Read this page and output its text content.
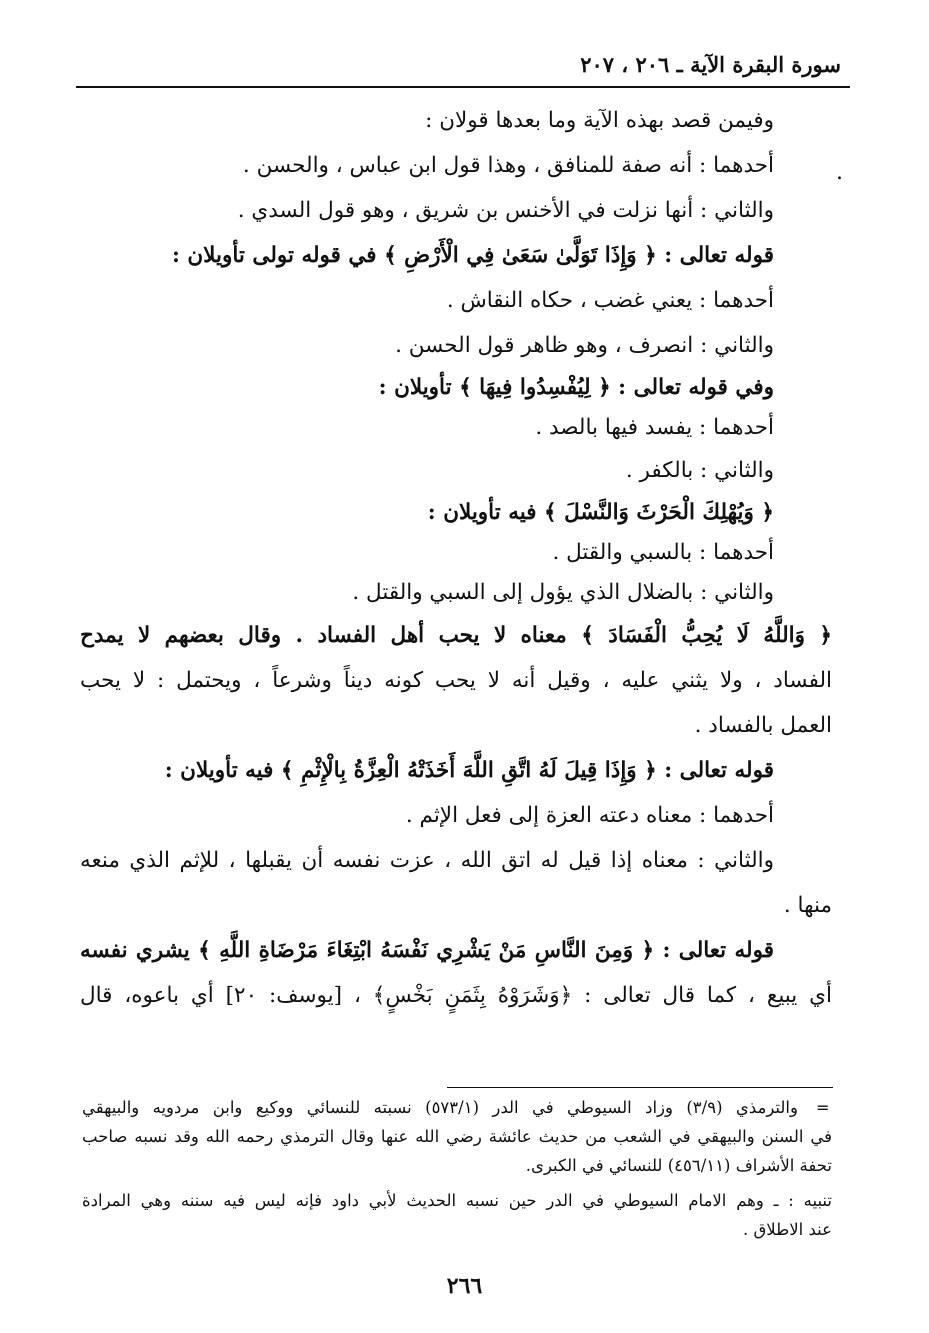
سورة البقرة الآية ـ ٢٠٦ ، ٢٠٧
.
وفيمن قصد بهذه الآية وما بعدها قولان :
أحدهما : أنه صفة للمنافق ، وهذا قول ابن عباس ، والحسن .
والثاني : أنها نزلت في الأخنس بن شريق ، وهو قول السدي .
قوله تعالى : ﴿ وَإِذَا تَوَلَّىٰ سَعَىٰ فِي الْأَرْضِ ﴾ في قوله تولى تأويلان :
أحدهما : يعني غضب ، حكاه النقاش .
والثاني : انصرف ، وهو ظاهر قول الحسن .
وفي قوله تعالى : ﴿ لِيُفْسِدُوا فِيهَا ﴾ تأويلان :
أحدهما : يفسد فيها بالصد .
والثاني : بالكفر .
﴿ وَيُهْلِكَ الْحَرْثَ وَالنَّسْلَ ﴾ فيه تأويلان :
أحدهما : بالسبي والقتل .
والثاني : بالضلال الذي يؤول إلى السبي والقتل .
﴿ وَاللَّهُ لَا يُحِبُّ الْفَسَادَ ﴾ معناه لا يحب أهل الفساد . وقال بعضهم لا يمدح
الفساد ، ولا يثني عليه ، وقيل أنه لا يحب كونه ديناً وشرعاً ، ويحتمل : لا يحب
العمل بالفساد .
قوله تعالى : ﴿ وَإِذَا قِيلَ لَهُ اتَّقِ اللَّهَ أَخَذَتْهُ الْعِزَّةُ بِالْإِثْمِ ﴾ فيه تأويلان :
أحدهما : معناه دعته العزة إلى فعل الإثم .
والثاني : معناه إذا قيل له اتق الله ، عزت نفسه أن يقبلها ، للإثم الذي منعه
منها .
قوله تعالى : ﴿ وَمِنَ النَّاسِ مَنْ يَشْرِي نَفْسَهُ ابْتِغَاءَ مَرْضَاةِ اللَّهِ ﴾ يشري نفسه
أي يبيع ، كما قال تعالى : ﴿وَشَرَوْهُ بِثَمَنٍ بَخْسٍ﴾ ، [يوسف: ٢٠] أي باعوه، قال
=
والترمذي (٣/٩) وزاد السيوطي في الدر (٥٧٣/١) نسبته للنسائي ووكيع وابن مردويه والبيهقي
في السنن والبيهقي في الشعب من حديث عائشة رضي الله عنها وقال الترمذي رحمه الله وقد نسبه صاحب
تحفة الأشراف (٤٥٦/١١) للنسائي في الكبرى.
تنبيه : ـ وهم الامام السيوطي في الدر حين نسبه الحديث لأبي داود فإنه ليس فيه سننه وهي المرادة
عند الاطلاق .
٢٦٦
